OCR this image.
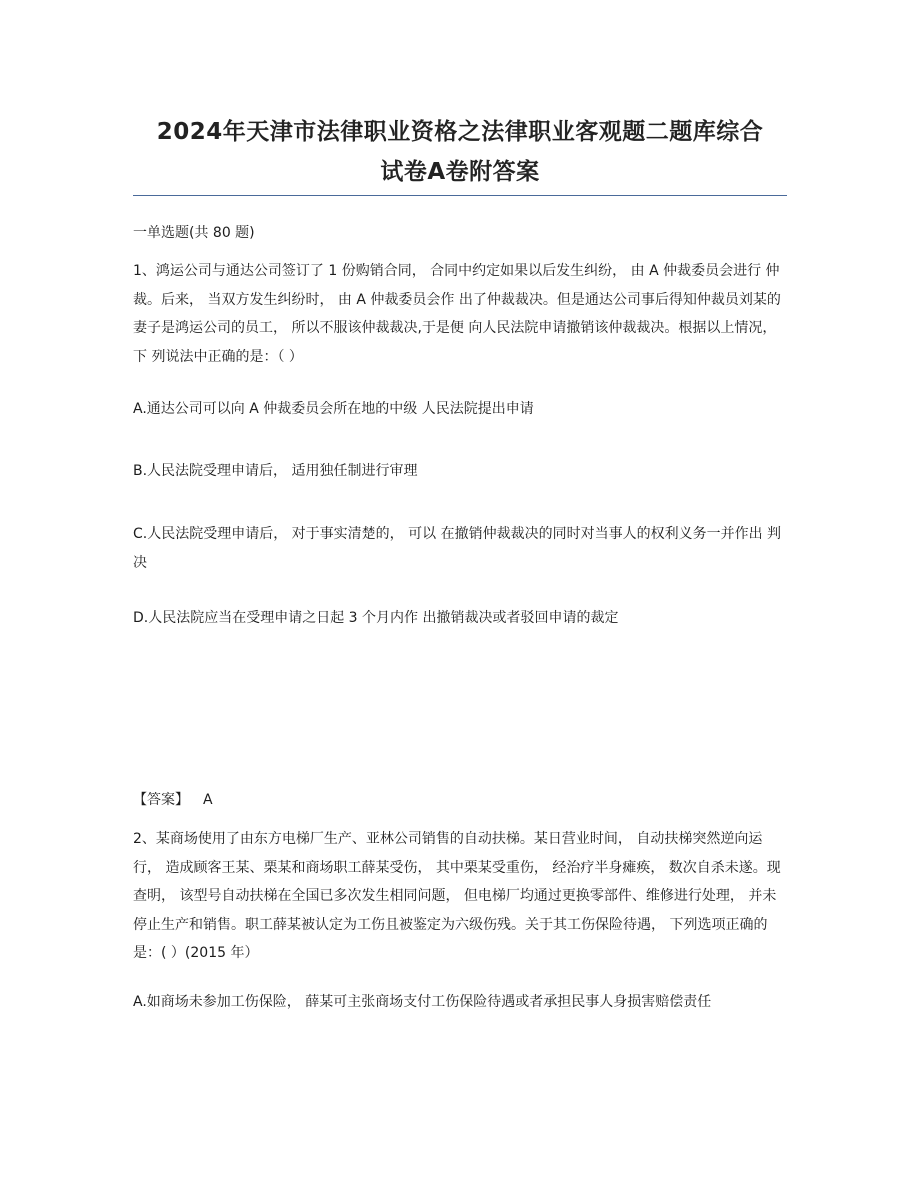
2024年天津市法律职业资格之法律职业客观题二题库综合
试卷A卷附答案
一单选题(共 80 题)
1、鸿运公司与通达公司签订了 1 份购销合同， 合同中约定如果以后发生纠纷， 由 A 仲裁委员会进行 仲裁。后来， 当双方发生纠纷时， 由 A 仲裁委员会作 出了仲裁裁决。但是通达公司事后得知仲裁员刘某的 妻子是鸿运公司的员工， 所以不服该仲裁裁决,于是便 向人民法院申请撤销该仲裁裁决。根据以上情况， 下 列说法中正确的是：（ ）
A.通达公司可以向 A 仲裁委员会所在地的中级 人民法院提出申请
B.人民法院受理申请后， 适用独任制进行审理
C.人民法院受理申请后， 对于事实清楚的， 可以 在撤销仲裁裁决的同时对当事人的权利义务一并作出 判决
D.人民法院应当在受理申请之日起 3 个月内作 出撤销裁决或者驳回申请的裁定
【答案】 A
2、某商场使用了由东方电梯厂生产、亚林公司销售的自动扶梯。某日营业时间， 自动扶梯突然逆向运行， 造成顾客王某、栗某和商场职工薛某受伤， 其中栗某受重伤， 经治疗半身瘫痪， 数次自杀未遂。现查明， 该型号自动扶梯在全国已多次发生相同问题， 但电梯厂均通过更换零部件、维修进行处理， 并未停止生产和销售。职工薛某被认定为工伤且被鉴定为六级伤残。关于其工伤保险待遇， 下列选项正确的是：( ）(2015 年）
A.如商场未参加工伤保险， 薛某可主张商场支付工伤保险待遇或者承担民事人身损害赔偿责任
